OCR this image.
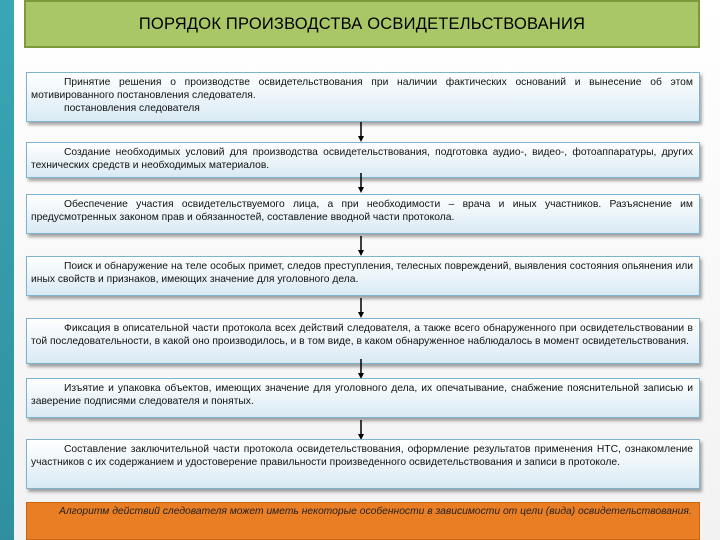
ПОРЯДОК ПРОИЗВОДСТВА ОСВИДЕТЕЛЬСТВОВАНИЯ

Принятие решения о производстве освидетельствования при наличии фактических оснований и вынесение об этом мотивированного постановления следователя.

постановления следователя

Создание необходимых условий для производства освидетельствования, подготовка аудио-, видео-, фотоаппаратуры, других технических средств и необходимых материалов.

Обеспечение участия освидетельствуемого лица, а при необходимости – врача и иных участников. Разъяснение им предусмотренных законом прав и обязанностей, составление вводной части протокола.

Поиск и обнаружение на теле особых примет, следов преступления, телесных повреждений, выявления состояния опьянения или иных свойств и признаков, имеющих значение для уголовного дела.

Фиксация в описательной части протокола всех действий следователя, а также всего обнаруженного при освидетельствовании в той последовательности, в какой оно производилось, и в том виде, в каком обнаруженное наблюдалось в момент освидетельствования.

Изъятие и упаковка объектов, имеющих значение для уголовного дела, их опечатывание, снабжение пояснительной записью и заверение подписями следователя и понятых.

Составление заключительной части протокола освидетельствования, оформление результатов применения НТС, ознакомление участников с их содержанием и удостоверение правильности произведенного освидетельствования и записи в протоколе.

Алгоритм действий следователя может иметь некоторые особенности в зависимости от цели (вида) освидетельствования.
